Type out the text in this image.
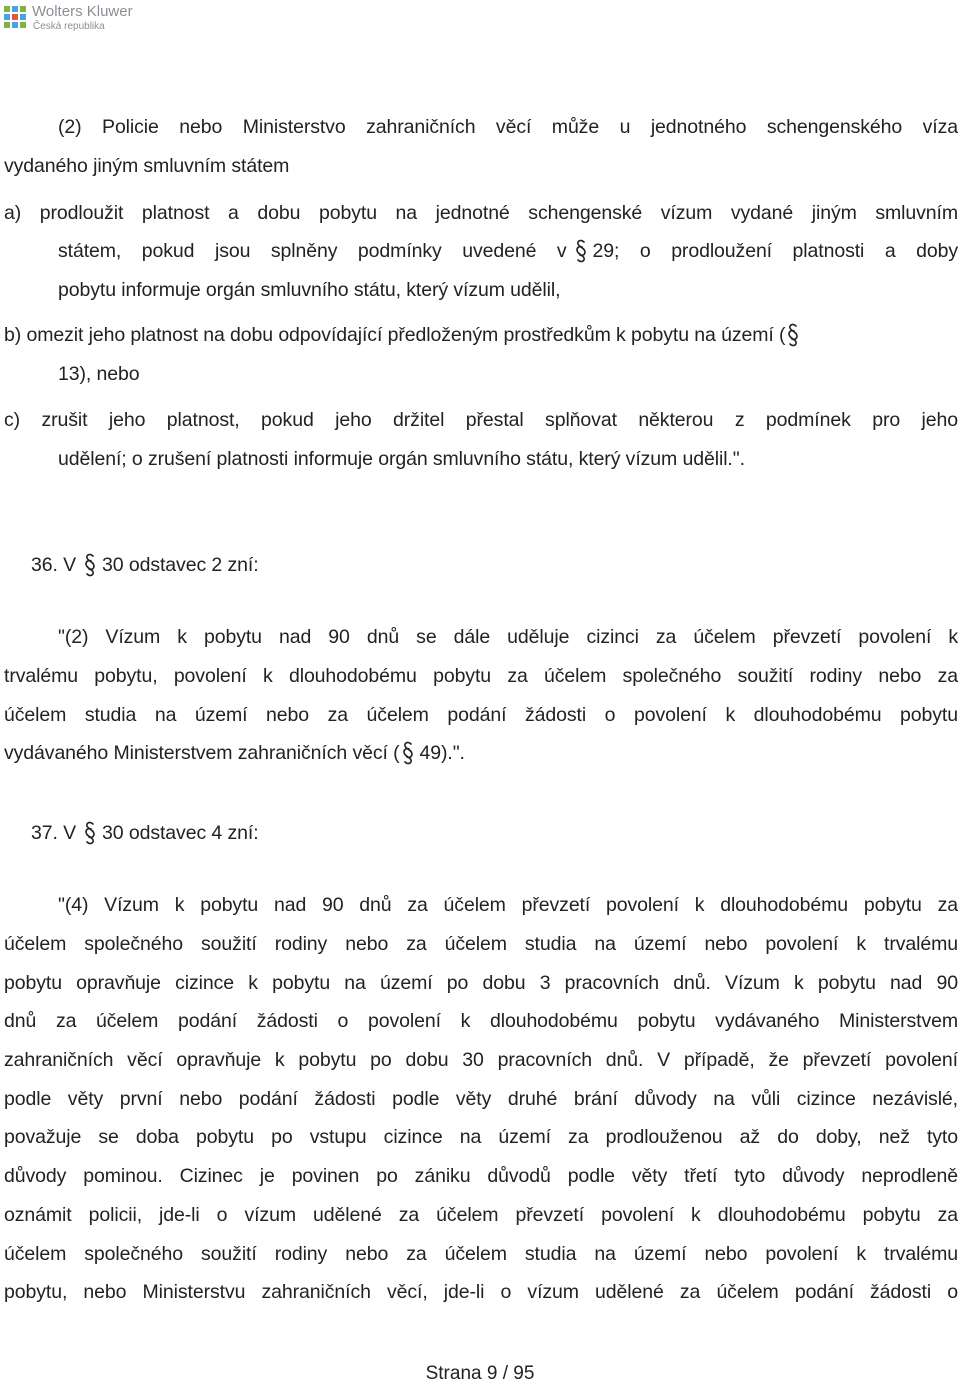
Wolters Kluwer
Česká republika
(2) Policie nebo Ministerstvo zahraničních věcí může u jednotného schengenského víza
vydaného jiným smluvním státem
a) prodloužit platnost a dobu pobytu na jednotné schengenské vízum vydané jiným smluvním
státem, pokud jsou splněny podmínky uvedené v 29; o prodloužení platnosti a doby
pobytu informuje orgán smluvního státu, který vízum udělil,
b) omezit jeho platnost na dobu odpovídající předloženým prostředkům k pobytu na území (
13), nebo
c) zrušit jeho platnost, pokud jeho držitel přestal splňovat některou z podmínek pro jeho
udělení; o zrušení platnosti informuje orgán smluvního státu, který vízum udělil.".
36. V 30 odstavec 2 zní:
"(2) Vízum k pobytu nad 90 dnů se dále uděluje cizinci za účelem převzetí povolení k
trvalému pobytu, povolení k dlouhodobému pobytu za účelem společného soužití rodiny nebo za
účelem studia na území nebo za účelem podání žádosti o povolení k dlouhodobému pobytu
vydávaného Ministerstvem zahraničních věcí ( 49).".
37. V 30 odstavec 4 zní:
"(4) Vízum k pobytu nad 90 dnů za účelem převzetí povolení k dlouhodobému pobytu za
účelem společného soužití rodiny nebo za účelem studia na území nebo povolení k trvalému
pobytu opravňuje cizince k pobytu na území po dobu 3 pracovních dnů. Vízum k pobytu nad 90
dnů za účelem podání žádosti o povolení k dlouhodobému pobytu vydávaného Ministerstvem
zahraničních věcí opravňuje k pobytu po dobu 30 pracovních dnů. V případě, že převzetí povolení
podle věty první nebo podání žádosti podle věty druhé brání důvody na vůli cizince nezávislé,
považuje se doba pobytu po vstupu cizince na území za prodlouženou až do doby, než tyto
důvody pominou. Cizinec je povinen po zániku důvodů podle věty třetí tyto důvody neprodleně
oznámit policii, jde-li o vízum udělené za účelem převzetí povolení k dlouhodobému pobytu za
účelem společného soužití rodiny nebo za účelem studia na území nebo povolení k trvalému
pobytu, nebo Ministerstvu zahraničních věcí, jde-li o vízum udělené za účelem podání žádosti o
Strana 9 / 95
